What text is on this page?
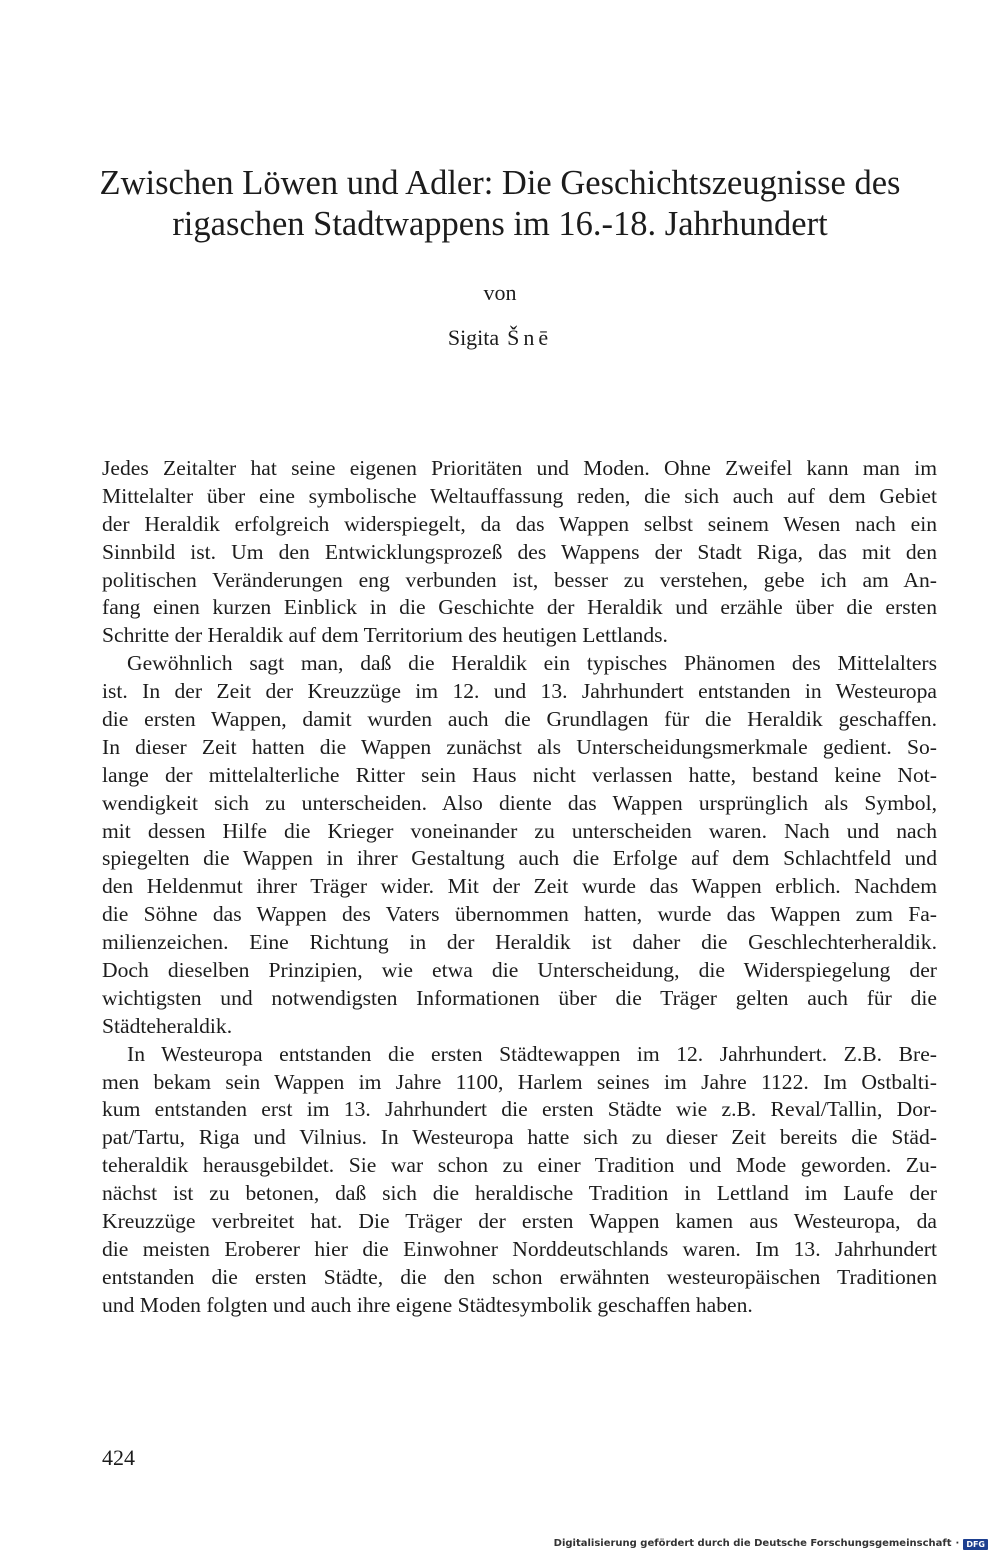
Zwischen Löwen und Adler: Die Geschichtszeugnisse des
rigaschen Stadtwappens im 16.-18. Jahrhundert
von
Sigita Šnē
Jedes Zeitalter hat seine eigenen Prioritäten und Moden. Ohne Zweifel kann man im
Mittelalter über eine symbolische Weltauffassung reden, die sich auch auf dem Gebiet
der Heraldik erfolgreich widerspiegelt, da das Wappen selbst seinem Wesen nach ein
Sinnbild ist. Um den Entwicklungsprozeß des Wappens der Stadt Riga, das mit den
politischen Veränderungen eng verbunden ist, besser zu verstehen, gebe ich am An-
fang einen kurzen Einblick in die Geschichte der Heraldik und erzähle über die ersten
Schritte der Heraldik auf dem Territorium des heutigen Lettlands.
Gewöhnlich sagt man, daß die Heraldik ein typisches Phänomen des Mittelalters
ist. In der Zeit der Kreuzzüge im 12. und 13. Jahrhundert entstanden in Westeuropa
die ersten Wappen, damit wurden auch die Grundlagen für die Heraldik geschaffen.
In dieser Zeit hatten die Wappen zunächst als Unterscheidungsmerkmale gedient. So-
lange der mittelalterliche Ritter sein Haus nicht verlassen hatte, bestand keine Not-
wendigkeit sich zu unterscheiden. Also diente das Wappen ursprünglich als Symbol,
mit dessen Hilfe die Krieger voneinander zu unterscheiden waren. Nach und nach
spiegelten die Wappen in ihrer Gestaltung auch die Erfolge auf dem Schlachtfeld und
den Heldenmut ihrer Träger wider. Mit der Zeit wurde das Wappen erblich. Nachdem
die Söhne das Wappen des Vaters übernommen hatten, wurde das Wappen zum Fa-
milienzeichen. Eine Richtung in der Heraldik ist daher die Geschlechterheraldik.
Doch dieselben Prinzipien, wie etwa die Unterscheidung, die Widerspiegelung der
wichtigsten und notwendigsten Informationen über die Träger gelten auch für die
Städteheraldik.
In Westeuropa entstanden die ersten Städtewappen im 12. Jahrhundert. Z.B. Bre-
men bekam sein Wappen im Jahre 1100, Harlem seines im Jahre 1122. Im Ostbalti-
kum entstanden erst im 13. Jahrhundert die ersten Städte wie z.B. Reval/Tallin, Dor-
pat/Tartu, Riga und Vilnius. In Westeuropa hatte sich zu dieser Zeit bereits die Städ-
teheraldik herausgebildet. Sie war schon zu einer Tradition und Mode geworden. Zu-
nächst ist zu betonen, daß sich die heraldische Tradition in Lettland im Laufe der
Kreuzzüge verbreitet hat. Die Träger der ersten Wappen kamen aus Westeuropa, da
die meisten Eroberer hier die Einwohner Norddeutschlands waren. Im 13. Jahrhundert
entstanden die ersten Städte, die den schon erwähnten westeuropäischen Traditionen
und Moden folgten und auch ihre eigene Städtesymbolik geschaffen haben.
424
Digitalisierung gefördert durch die Deutsche Forschungsgemeinschaft · DFG
